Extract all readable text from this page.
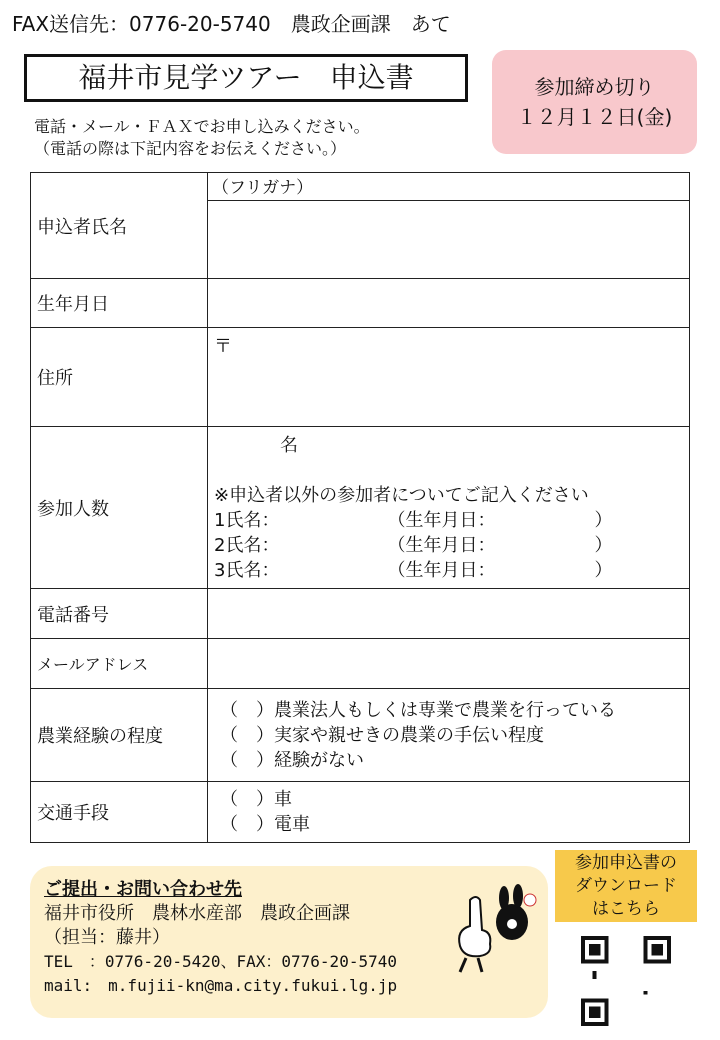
FAX送信先：0776-20-5740　農政企画課　あて
福井市見学ツアー　申込書	参加締め切り
１２月１２日(金)
電話・メール・ＦＡＸでお申し込みください。
（電話の際は下記内容をお伝えください。）
申込者氏名	（フリガナ）

生年月日	
住所	〒
参加人数	名
※申込者以外の参加者についてご記入ください
1氏名：　　　　　　　（生年月日：　　　　　　）
2氏名：　　　　　　　（生年月日：　　　　　　）
3氏名：　　　　　　　（生年月日：　　　　　　）

電話番号	
メールアドレス	
農業経験の程度	（　）農業法人もしくは専業で農業を行っている
（　）実家や親せきの農業の手伝い程度
（　）経験がない

交通手段	（　）車
（　）電車
ご提出・お問い合わせ先
福井市役所　農林水産部　農政企画課
（担当：藤井）
TEL　：0776-20-5420、FAX：0776-20-5740
mail:　m.fujii-kn@ma.city.fukui.lg.jp
参加申込書の
ダウンロード
はこちら
